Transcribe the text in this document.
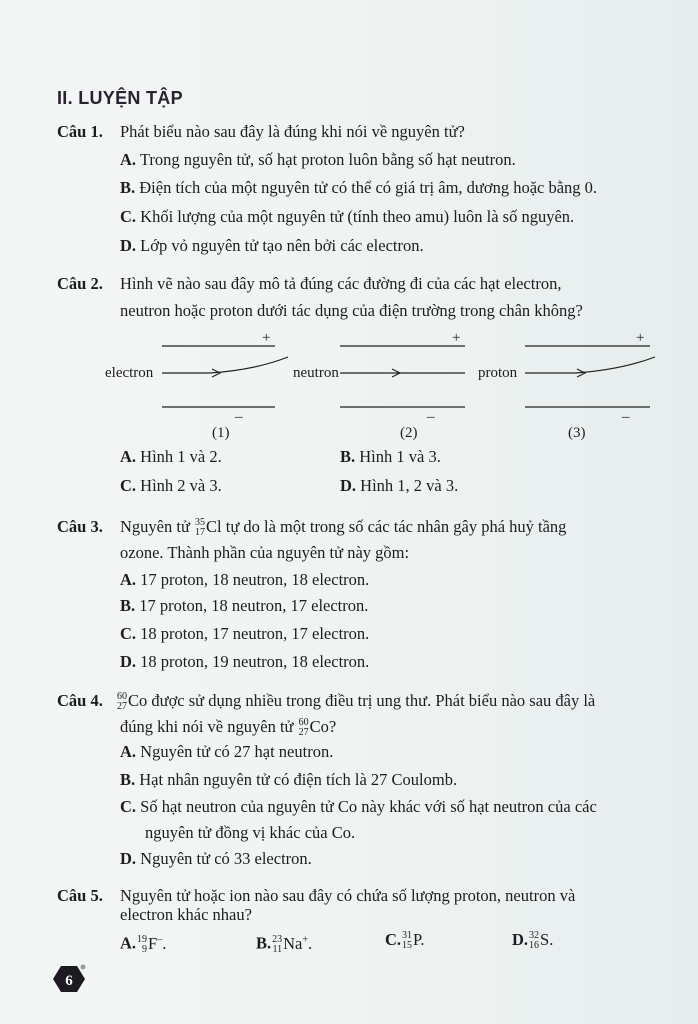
II. LUYỆN TẬP
Câu 1. Phát biểu nào sau đây là đúng khi nói về nguyên tử?
A. Trong nguyên tử, số hạt proton luôn bằng số hạt neutron.
B. Điện tích của một nguyên tử có thể có giá trị âm, dương hoặc bằng 0.
C. Khối lượng của một nguyên tử (tính theo amu) luôn là số nguyên.
D. Lớp vỏ nguyên tử tạo nên bởi các electron.
Câu 2. Hình vẽ nào sau đây mô tả đúng các đường đi của các hạt electron,
neutron hoặc proton dưới tác dụng của điện trường trong chân không?
+
electron
–
(1)
+
neutron
–
(2)
+
proton
–
(3)
A. Hình 1 và 2.	B. Hình 1 và 3.
C. Hình 2 và 3.	D. Hình 1, 2 và 3.
Câu 3. Nguyên tử 35
17 Cl tự do là một trong số các tác nhân gây phá huỷ tầng
ozone. Thành phần của nguyên tử này gồm:
A. 17 proton, 18 neutron, 18 electron.
B. 17 proton, 18 neutron, 17 electron.
C. 18 proton, 17 neutron, 17 electron.
D. 18 proton, 19 neutron, 18 electron.
Câu 4. 60
27 Co được sử dụng nhiều trong điều trị ung thư. Phát biểu nào sau đây là
đúng khi nói về nguyên tử 60
27 Co?
A. Nguyên tử có 27 hạt neutron.
B. Hạt nhân nguyên tử có điện tích là 27 Coulomb.
C. Số hạt neutron của nguyên tử Co này khác với số hạt neutron của các
nguyên tử đồng vị khác của Co.
D. Nguyên tử có 33 electron.
Câu 5. Nguyên tử hoặc ion nào sau đây có chứa số lượng proton, neutron và
electron khác nhau?
A. 19
9 F–.	B. 23
11 Na+.	C. 31
15 P.	D. 32
16 S.
6
